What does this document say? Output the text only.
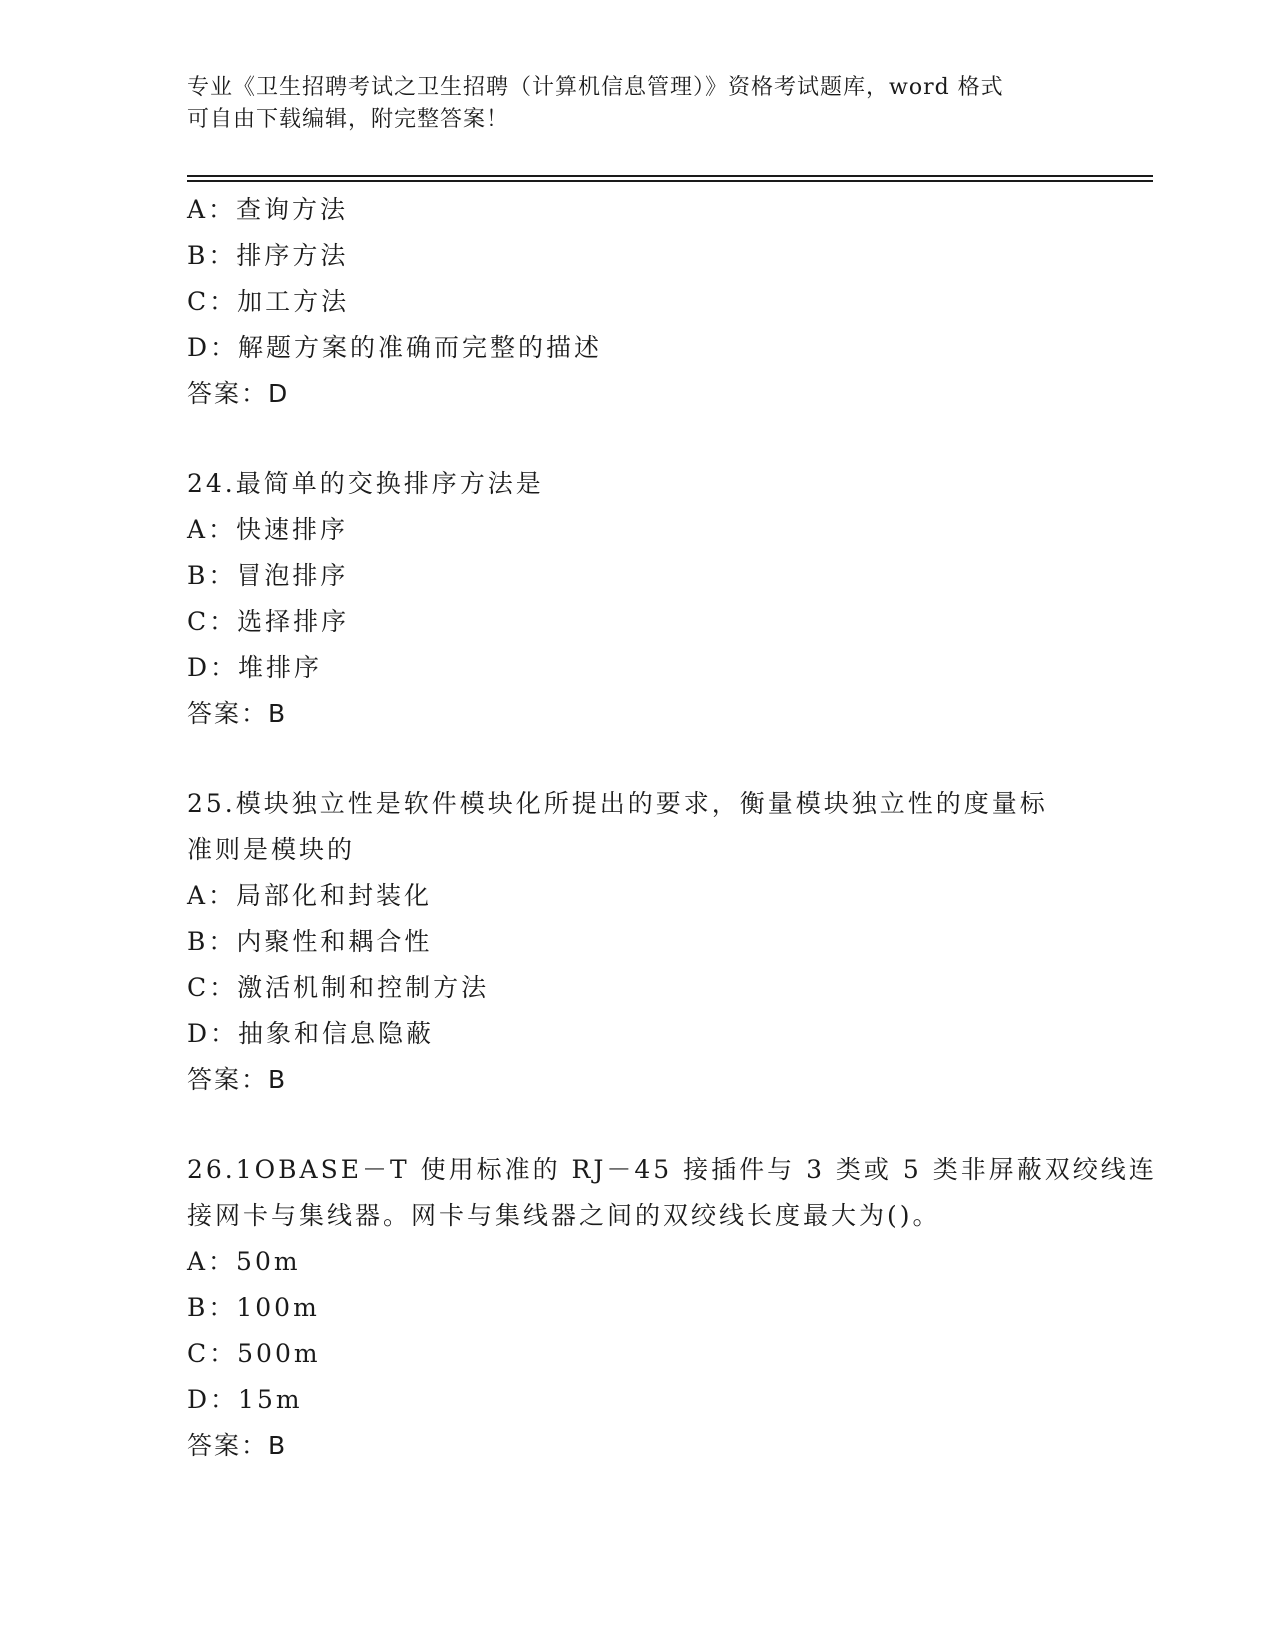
专业《卫生招聘考试之卫生招聘（计算机信息管理）》资格考试题库，word 格式
可自由下载编辑，附完整答案！
A：查询方法
B：排序方法
C：加工方法
D：解题方案的准确而完整的描述
答案：D
24.最简单的交换排序方法是
A：快速排序
B：冒泡排序
C：选择排序
D：堆排序
答案：B
25.模块独立性是软件模块化所提出的要求，衡量模块独立性的度量标
准则是模块的
A：局部化和封装化
B：内聚性和耦合性
C：激活机制和控制方法
D：抽象和信息隐蔽
答案：B
26.1OBASE－T 使用标准的 RJ－45 接插件与 3 类或 5 类非屏蔽双绞线连
接网卡与集线器。网卡与集线器之间的双绞线长度最大为()。
A：50m
B：100m
C：500m
D：15m
答案：B
